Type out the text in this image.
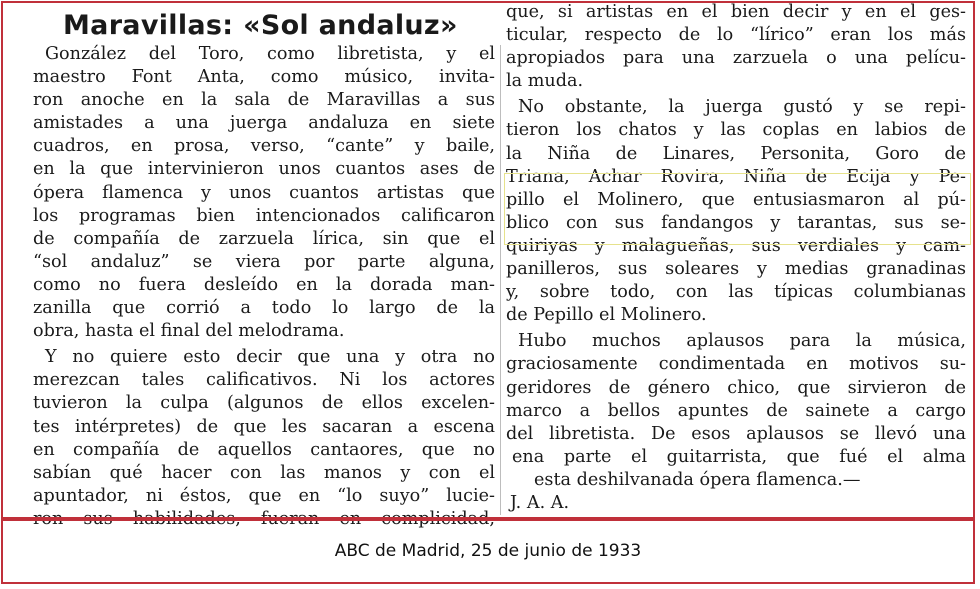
Maravillas: «Sol andaluz»
González del Toro, como libretista, y el
maestro Font Anta, como músico, invita-
ron anoche en la sala de Maravillas a sus
amistades a una juerga andaluza en siete
cuadros, en prosa, verso, “cante” y baile,
en la que intervinieron unos cuantos ases de
ópera flamenca y unos cuantos artistas que
los programas bien intencionados calificaron
de compañía de zarzuela lírica, sin que el
“sol andaluz” se viera por parte alguna,
como no fuera desleído en la dorada man-
zanilla que corrió a todo lo largo de la
obra, hasta el final del melodrama.
Y no quiere esto decir que una y otra no
merezcan tales calificativos. Ni los actores
tuvieron la culpa (algunos de ellos excelen-
tes intérpretes) de que les sacaran a escena
en compañía de aquellos cantaores, que no
sabían qué hacer con las manos y con el
apuntador, ni éstos, que en “lo suyo” lucie-
que, si artistas en el bien decir y en el ges-
ticular, respecto de lo “lírico” eran los más
apropiados para una zarzuela o una pelícu-
la muda.
No obstante, la juerga gustó y se repi-
tieron los chatos y las coplas en labios de
la Niña de Linares, Personita, Goro de
Triana, Achar Rovira, Niña de Ecija y Pe-
pillo el Molinero, que entusiasmaron al pú-
blico con sus fandangos y tarantas, sus se-
quiriyas y malagueñas, sus verdiales y cam-
panilleros, sus soleares y medias granadinas
y, sobre todo, con las típicas columbianas
de Pepillo el Molinero.
Hubo muchos aplausos para la música,
graciosamente condimentada en motivos su-
geridores de género chico, que sirvieron de
marco a bellos apuntes de sainete a cargo
del libretista. De esos aplausos se llevó una
ena parte el guitarrista, que fué el alma
esta deshilvanada ópera flamenca.—
J. A. A.
ABC de Madrid, 25 de junio de 1933
